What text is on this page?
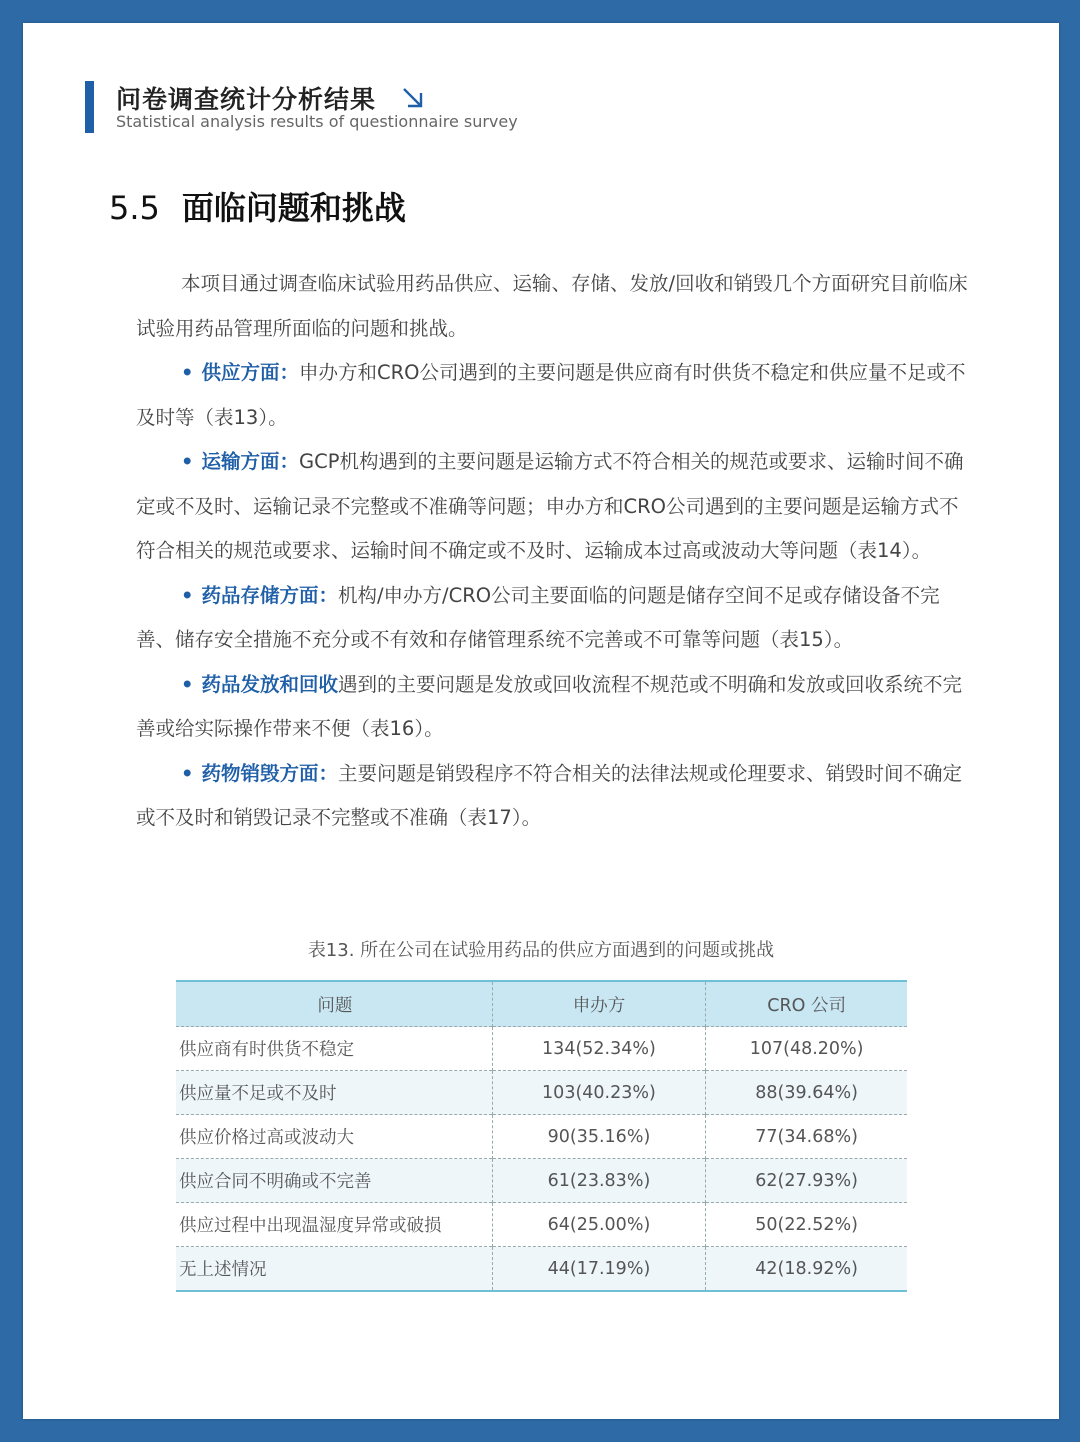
问卷调查统计分析结果
Statistical analysis results of questionnaire survey
5.5 面临问题和挑战

本项目通过调查临床试验用药品供应、运输、存储、发放/回收和销毁几个方面研究目前临床试验用药品管理所面临的问题和挑战。

• 供应方面：申办方和CRO公司遇到的主要问题是供应商有时供货不稳定和供应量不足或不及时等（表13）。

• 运输方面：GCP机构遇到的主要问题是运输方式不符合相关的规范或要求、运输时间不确定或不及时、运输记录不完整或不准确等问题；申办方和CRO公司遇到的主要问题是运输方式不符合相关的规范或要求、运输时间不确定或不及时、运输成本过高或波动大等问题（表14）。

• 药品存储方面：机构/申办方/CRO公司主要面临的问题是储存空间不足或存储设备不完善、储存安全措施不充分或不有效和存储管理系统不完善或不可靠等问题（表15）。

• 药品发放和回收遇到的主要问题是发放或回收流程不规范或不明确和发放或回收系统不完善或给实际操作带来不便（表16）。

• 药物销毁方面：主要问题是销毁程序不符合相关的法律法规或伦理要求、销毁时间不确定或不及时和销毁记录不完整或不准确（表17）。

表13. 所在公司在试验用药品的供应方面遇到的问题或挑战
问题	申办方	CRO 公司
供应商有时供货不稳定	134(52.34%)	107(48.20%)
供应量不足或不及时	103(40.23%)	88(39.64%)
供应价格过高或波动大	90(35.16%)	77(34.68%)
供应合同不明确或不完善	61(23.83%)	62(27.93%)
供应过程中出现温湿度异常或破损	64(25.00%)	50(22.52%)
无上述情况	44(17.19%)	42(18.92%)
